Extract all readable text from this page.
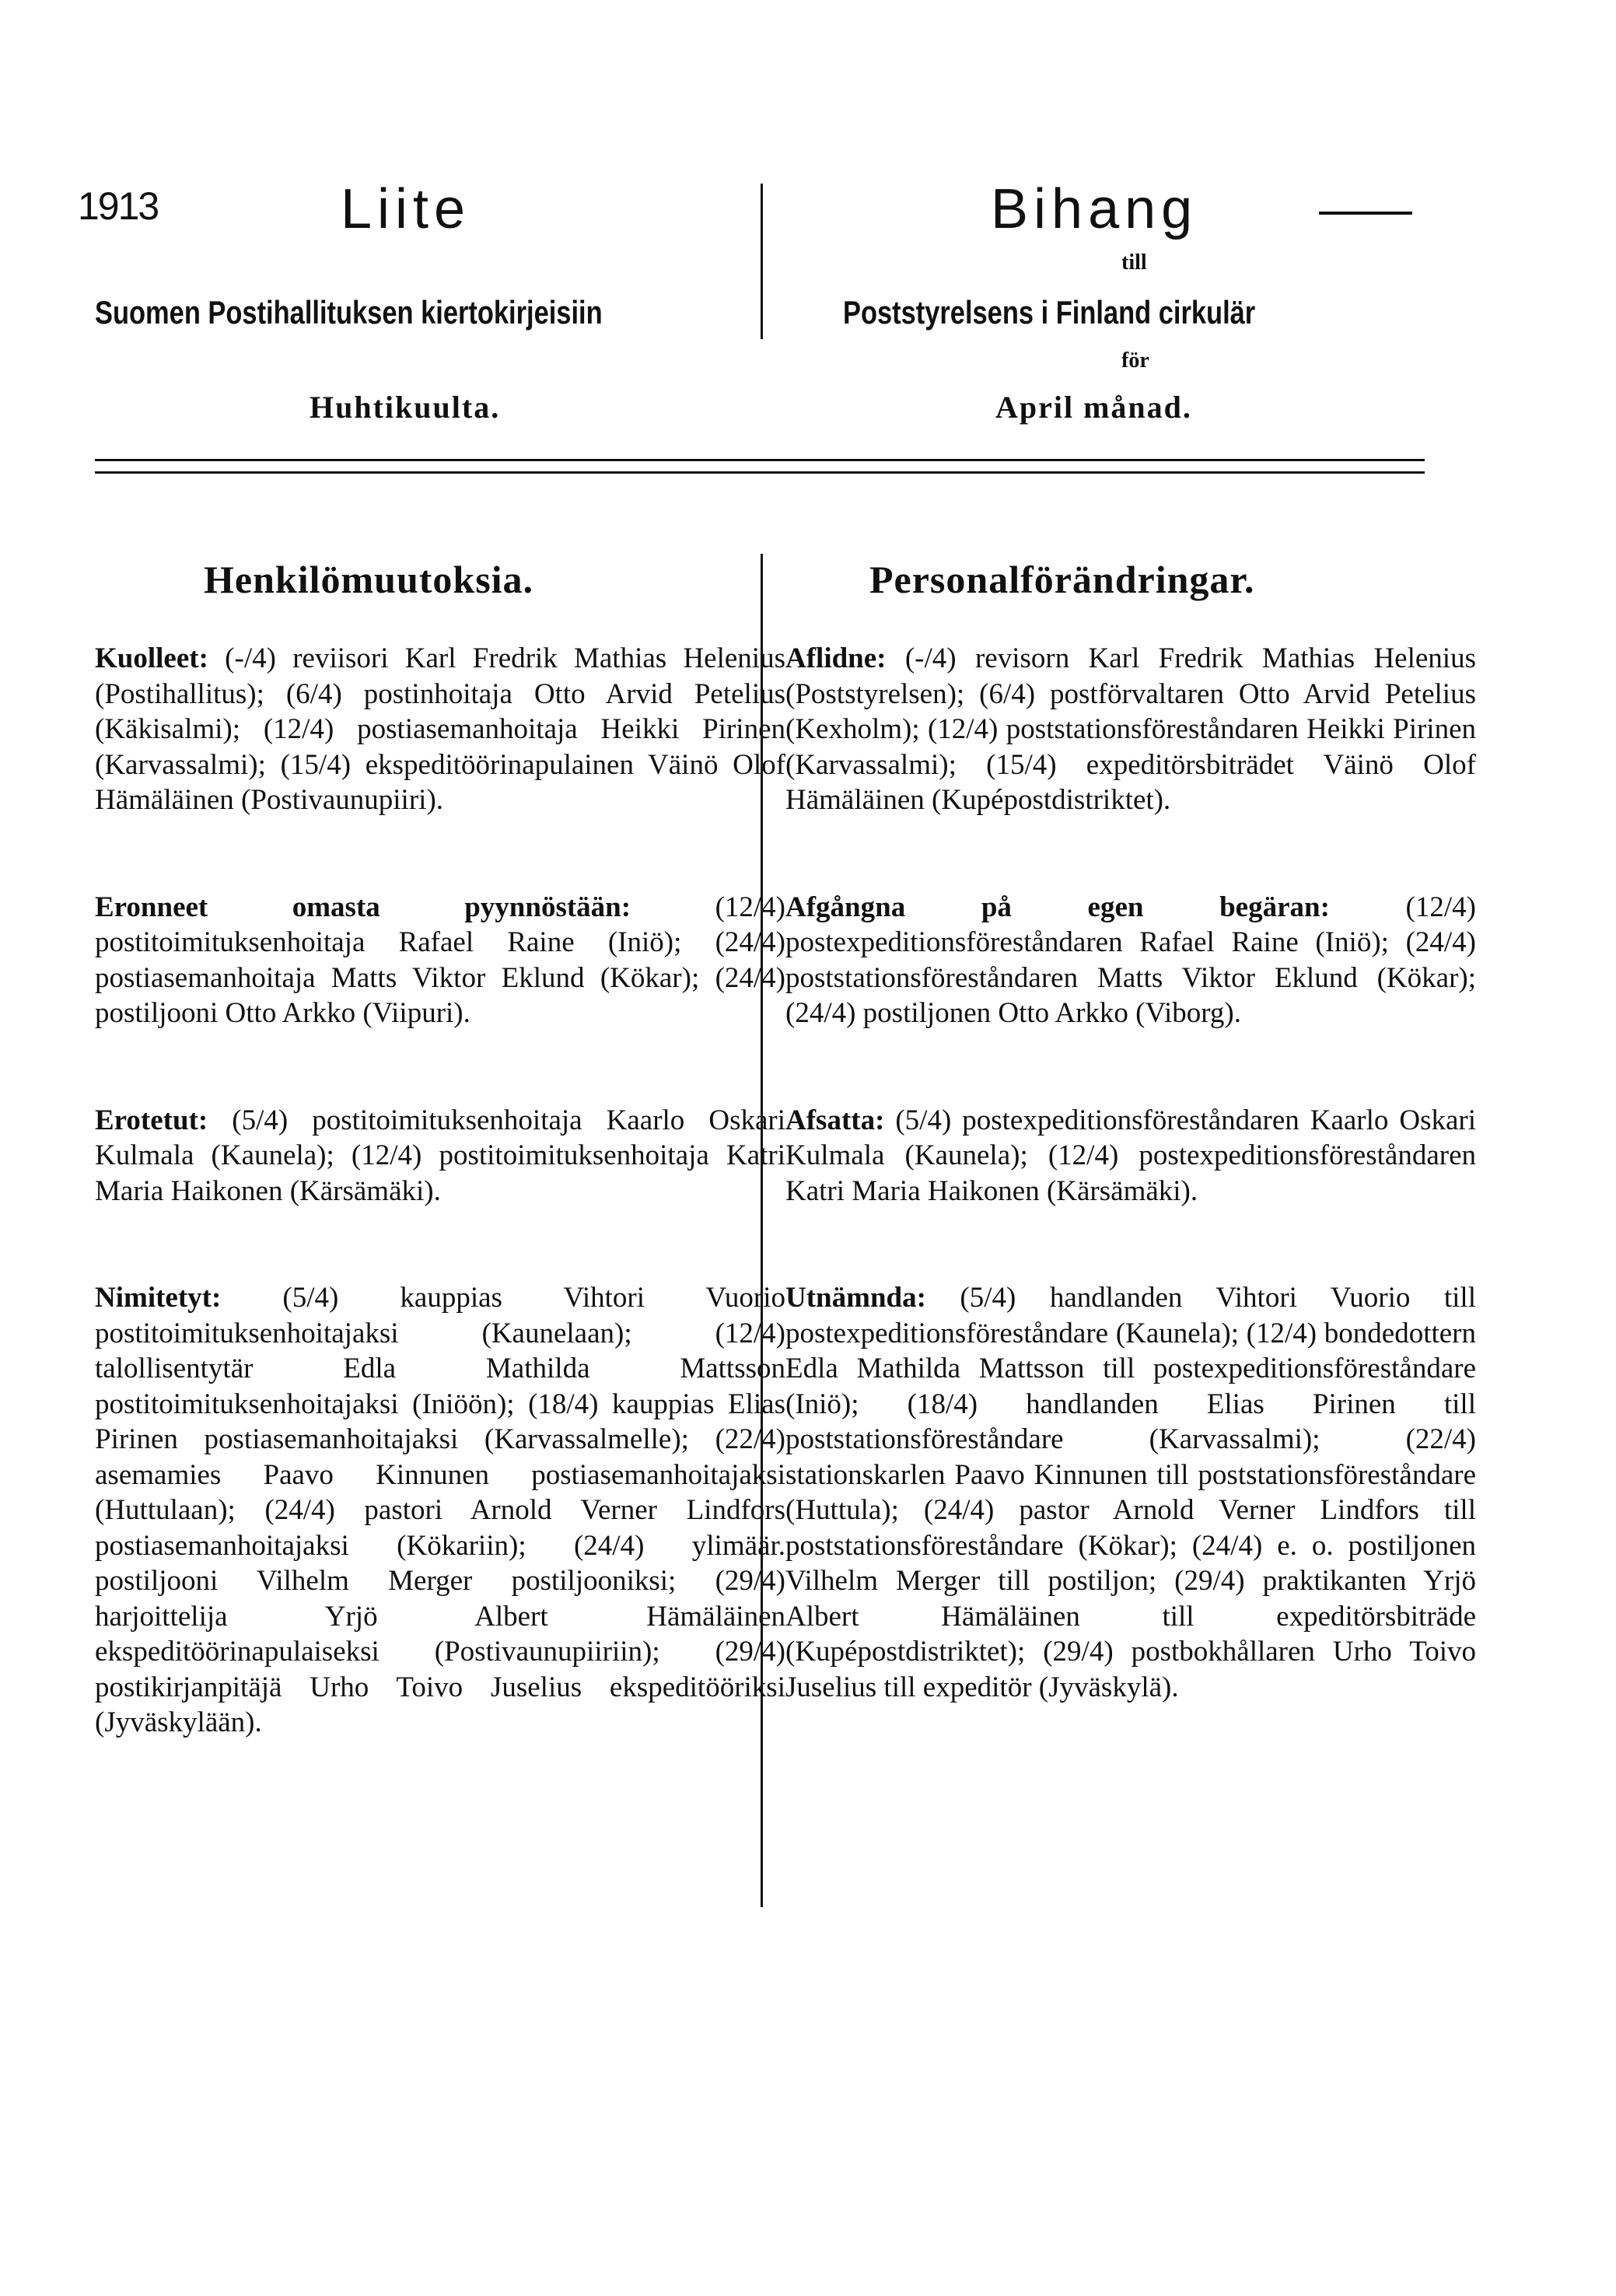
1913	Liite	Bihang
Suomen Postihallituksen kiertokirjeisiin
till
Poststyrelsens i Finland cirkulär
för
Huhtikuulta.	April månad.
Henkilömuutoksia.	Personalförändringar.

Kuolleet: (-/4) reviisori Karl Fredrik Mathias Helenius (Postihallitus); (6/4) postinhoitaja Otto Arvid Petelius (Käkisalmi); (12/4) postiasemanhoitaja Heikki Pirinen (Karvassalmi); (15/4) ekspeditöörinapulainen Väinö Olof Hämäläinen (Postivaunupiiri).

Eronneet omasta pyynnöstään: (12/4) postitoimituksenhoitaja Rafael Raine (Iniö); (24/4) postiasemanhoitaja Matts Viktor Eklund (Kökar); (24/4) postiljooni Otto Arkko (Viipuri).

Erotetut: (5/4) postitoimituksenhoitaja Kaarlo Oskari Kulmala (Kaunela); (12/4) postitoimituksenhoitaja Katri Maria Haikonen (Kärsämäki).

Nimitetyt: (5/4) kauppias Vihtori Vuorio postitoimituksenhoitajaksi (Kaunelaan); (12/4) talollisentytär Edla Mathilda Mattsson postitoimituksenhoitajaksi (Iniöön); (18/4) kauppias Elias Pirinen postiasemanhoitajaksi (Karvassalmelle); (22/4) asemamies Paavo Kinnunen postiasemanhoitajaksi (Huttulaan); (24/4) pastori Arnold Verner Lindfors postiasemanhoitajaksi (Kökariin); (24/4) ylimäär. postiljooni Vilhelm Merger postiljooniksi; (29/4) harjoittelija Yrjö Albert Hämäläinen ekspeditöörinapulaiseksi (Postivaunupiiriin); (29/4) postikirjanpitäjä Urho Toivo Juselius ekspeditööriksi (Jyväskylään).

Aflidne: (-/4) revisorn Karl Fredrik Mathias Helenius (Poststyrelsen); (6/4) postförvaltaren Otto Arvid Petelius (Kexholm); (12/4) poststationsföreståndaren Heikki Pirinen (Karvassalmi); (15/4) expeditörsbiträdet Väinö Olof Hämäläinen (Kupépostdistriktet).

Afgångna på egen begäran: (12/4) postexpeditionsföreståndaren Rafael Raine (Iniö); (24/4) poststationsföreståndaren Matts Viktor Eklund (Kökar); (24/4) postiljonen Otto Arkko (Viborg).

Afsatta: (5/4) postexpeditionsföreståndaren Kaarlo Oskari Kulmala (Kaunela); (12/4) postexpeditionsföreståndaren Katri Maria Haikonen (Kärsämäki).

Utnämnda: (5/4) handlanden Vihtori Vuorio till postexpeditionsföreståndare (Kaunela); (12/4) bondedottern Edla Mathilda Mattsson till postexpeditionsföreståndare (Iniö); (18/4) handlanden Elias Pirinen till poststationsföreståndare (Karvassalmi); (22/4) stationskarlen Paavo Kinnunen till poststationsföreståndare (Huttula); (24/4) pastor Arnold Verner Lindfors till poststationsföreståndare (Kökar); (24/4) e. o. postiljonen Vilhelm Merger till postiljon; (29/4) praktikanten Yrjö Albert Hämäläinen till expeditörsbiträde (Kupépostdistriktet); (29/4) postbokhållaren Urho Toivo Juselius till expeditör (Jyväskylä).
